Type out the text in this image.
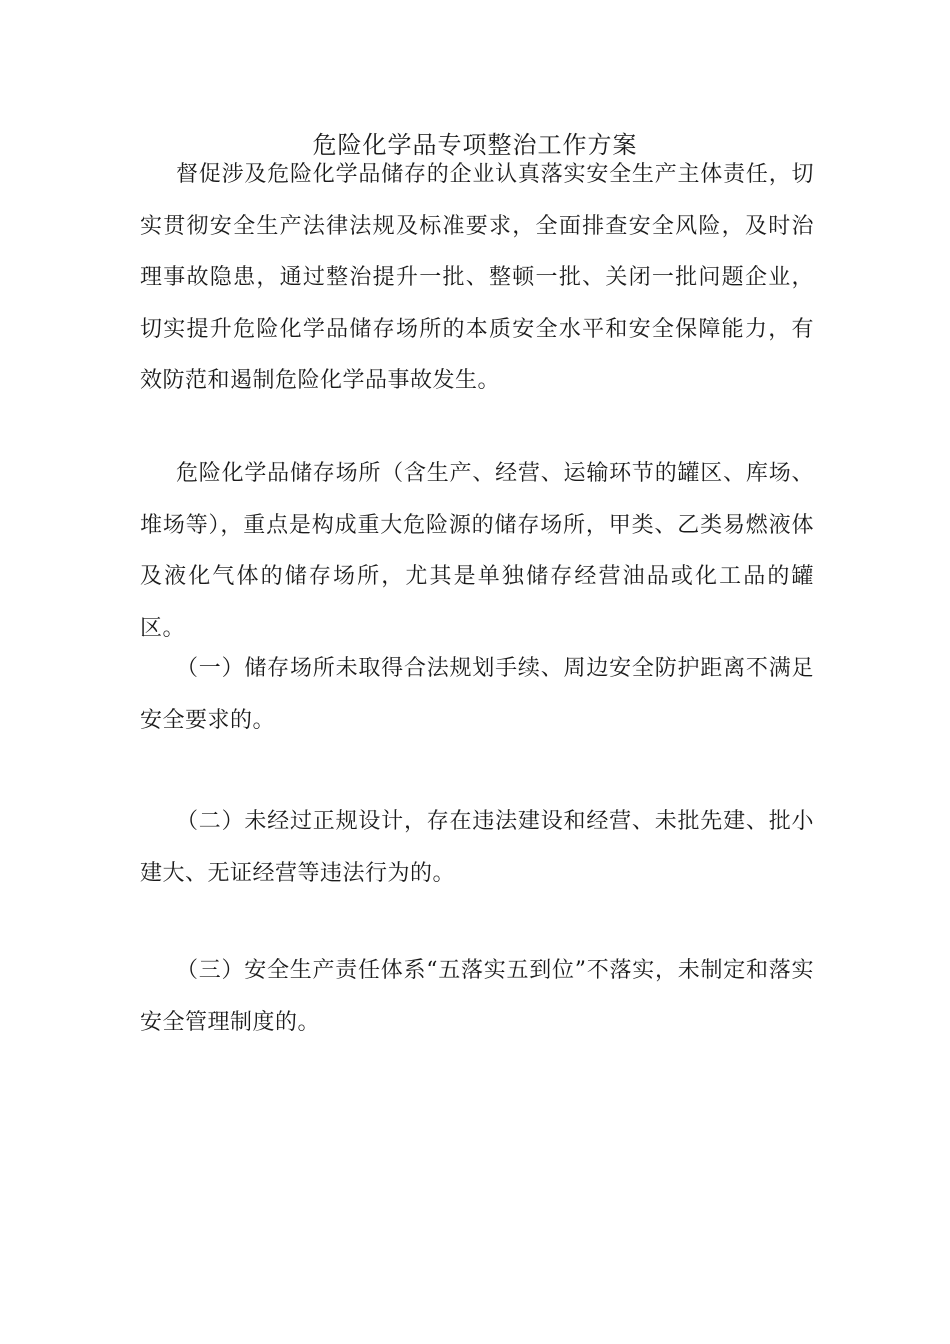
危险化学品专项整治工作方案

督促涉及危险化学品储存的企业认真落实安全生产主体责任，切实贯彻安全生产法律法规及标准要求，全面排查安全风险，及时治理事故隐患，通过整治提升一批、整顿一批、关闭一批问题企业，切实提升危险化学品储存场所的本质安全水平和安全保障能力，有效防范和遏制危险化学品事故发生。

危险化学品储存场所（含生产、经营、运输环节的罐区、库场、堆场等），重点是构成重大危险源的储存场所，甲类、乙类易燃液体及液化气体的储存场所，尤其是单独储存经营油品或化工品的罐区。

（一）储存场所未取得合法规划手续、周边安全防护距离不满足安全要求的。

（二）未经过正规设计，存在违法建设和经营、未批先建、批小建大、无证经营等违法行为的。

（三）安全生产责任体系“五落实五到位”不落实，未制定和落实安全管理制度的。
